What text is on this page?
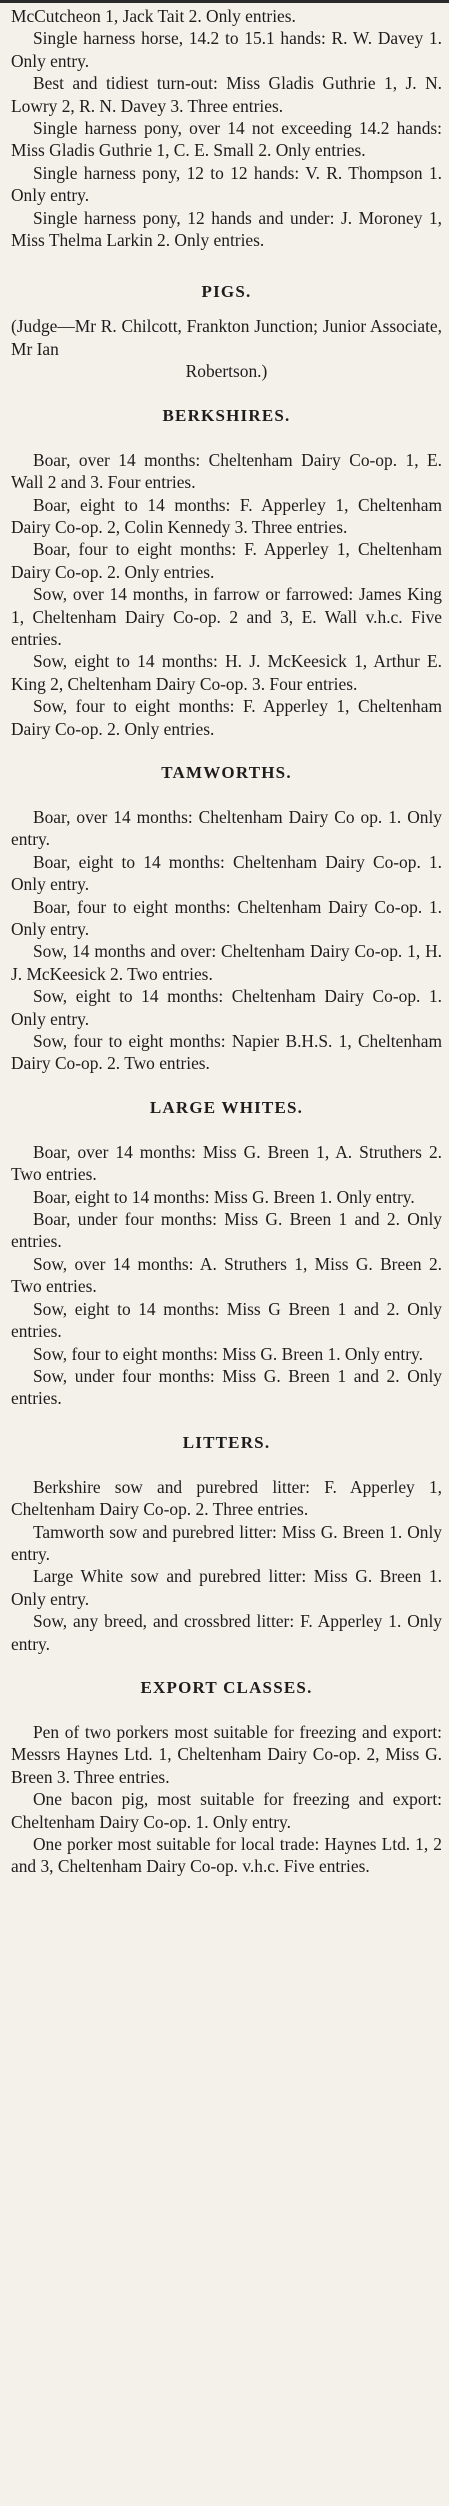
McCutcheon 1, Jack Tait 2. Only entries.

Single harness horse, 14.2 to 15.1 hands: R. W. Davey 1. Only entry.

Best and tidiest turn-out: Miss Gladis Guthrie 1, J. N. Lowry 2, R. N. Davey 3. Three entries.

Single harness pony, over 14 not exceeding 14.2 hands: Miss Gladis Guthrie 1, C. E. Small 2. Only entries.

Single harness pony, 12 to 12 hands: V. R. Thompson 1. Only entry.

Single harness pony, 12 hands and under: J. Moroney 1, Miss Thelma Larkin 2. Only entries.

PIGS.

(Judge—Mr R. Chilcott, Frankton Junction; Junior Associate, Mr Ian
Robertson.)

BERKSHIRES.

Boar, over 14 months: Cheltenham Dairy Co-op. 1, E. Wall 2 and 3. Four entries.

Boar, eight to 14 months: F. Apperley 1, Cheltenham Dairy Co-op. 2, Colin Kennedy 3. Three entries.

Boar, four to eight months: F. Apperley 1, Cheltenham Dairy Co-op. 2. Only entries.

Sow, over 14 months, in farrow or farrowed: James King 1, Cheltenham Dairy Co-op. 2 and 3, E. Wall v.h.c. Five entries.

Sow, eight to 14 months: H. J. McKeesick 1, Arthur E. King 2, Cheltenham Dairy Co-op. 3. Four entries.

Sow, four to eight months: F. Apperley 1, Cheltenham Dairy Co-op. 2. Only entries.

TAMWORTHS.

Boar, over 14 months: Cheltenham Dairy Co op. 1. Only entry.

Boar, eight to 14 months: Cheltenham Dairy Co-op. 1. Only entry.

Boar, four to eight months: Cheltenham Dairy Co-op. 1. Only entry.

Sow, 14 months and over: Cheltenham Dairy Co-op. 1, H. J. McKeesick 2. Two entries.

Sow, eight to 14 months: Cheltenham Dairy Co-op. 1. Only entry.

Sow, four to eight months: Napier B.H.S. 1, Cheltenham Dairy Co-op. 2. Two entries.

LARGE WHITES.

Boar, over 14 months: Miss G. Breen 1, A. Struthers 2. Two entries.

Boar, eight to 14 months: Miss G. Breen 1. Only entry.

Boar, under four months: Miss G. Breen 1 and 2. Only entries.

Sow, over 14 months: A. Struthers 1, Miss G. Breen 2. Two entries.

Sow, eight to 14 months: Miss G Breen 1 and 2. Only entries.

Sow, four to eight months: Miss G. Breen 1. Only entry.

Sow, under four months: Miss G. Breen 1 and 2. Only entries.

LITTERS.

Berkshire sow and purebred litter: F. Apperley 1, Cheltenham Dairy Co-op. 2. Three entries.

Tamworth sow and purebred litter: Miss G. Breen 1. Only entry.

Large White sow and purebred litter: Miss G. Breen 1. Only entry.

Sow, any breed, and crossbred litter: F. Apperley 1. Only entry.

EXPORT CLASSES.

Pen of two porkers most suitable for freezing and export: Messrs Haynes Ltd. 1, Cheltenham Dairy Co-op. 2, Miss G. Breen 3. Three entries.

One bacon pig, most suitable for freezing and export: Cheltenham Dairy Co-op. 1. Only entry.

One porker most suitable for local trade: Haynes Ltd. 1, 2 and 3, Cheltenham Dairy Co-op. v.h.c. Five entries.
